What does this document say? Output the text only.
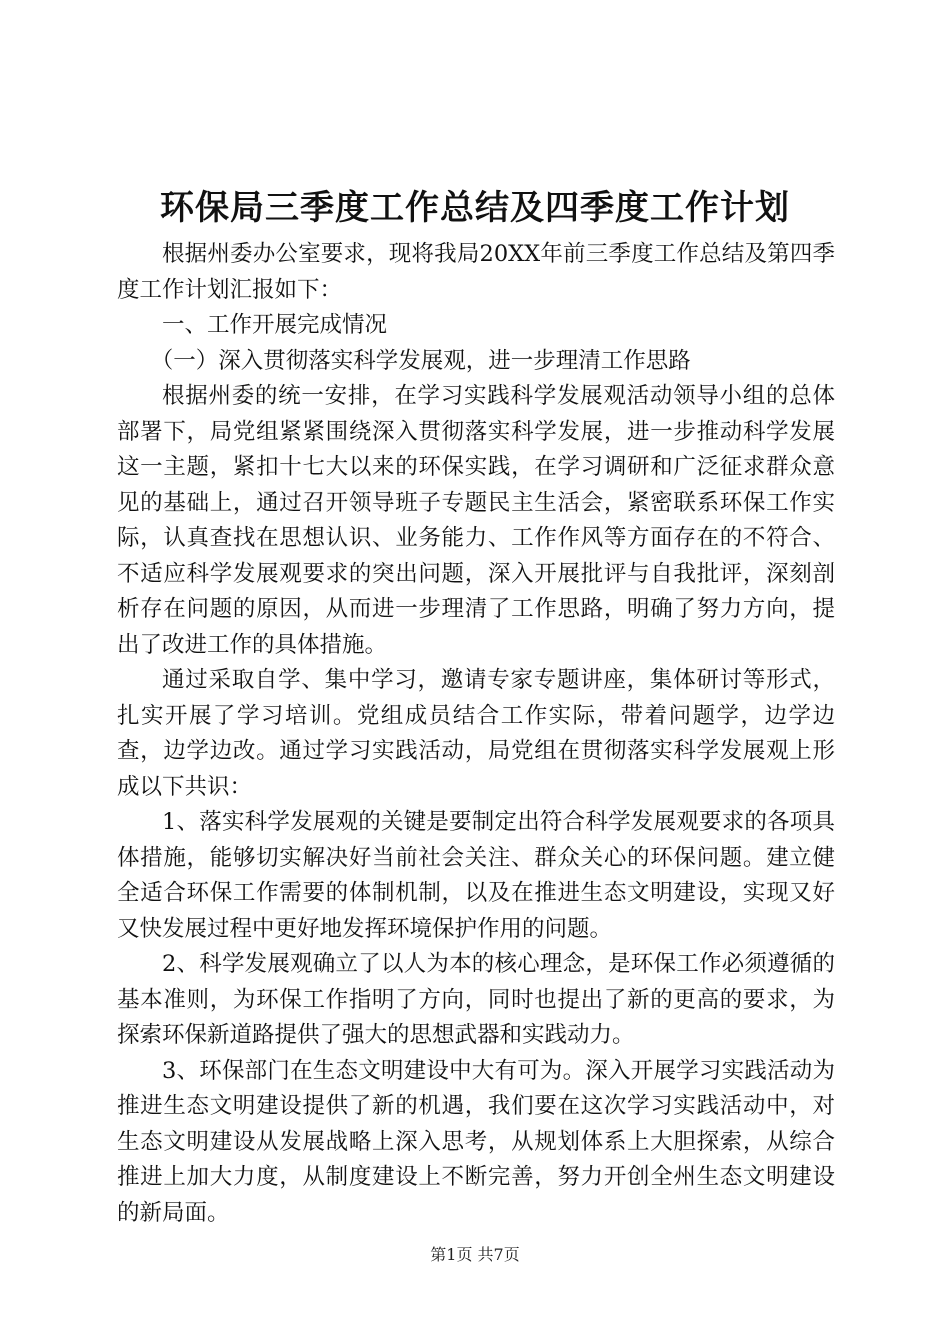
环保局三季度工作总结及四季度工作计划

根据州委办公室要求，现将我局20XX年前三季度工作总结及第四季度工作计划汇报如下：

一、工作开展完成情况

（一）深入贯彻落实科学发展观，进一步理清工作思路

根据州委的统一安排，在学习实践科学发展观活动领导小组的总体部署下，局党组紧紧围绕深入贯彻落实科学发展，进一步推动科学发展这一主题，紧扣十七大以来的环保实践，在学习调研和广泛征求群众意见的基础上，通过召开领导班子专题民主生活会，紧密联系环保工作实际，认真查找在思想认识、业务能力、工作作风等方面存在的不符合、不适应科学发展观要求的突出问题，深入开展批评与自我批评，深刻剖析存在问题的原因，从而进一步理清了工作思路，明确了努力方向，提出了改进工作的具体措施。

通过采取自学、集中学习，邀请专家专题讲座，集体研讨等形式，扎实开展了学习培训。党组成员结合工作实际，带着问题学，边学边查，边学边改。通过学习实践活动，局党组在贯彻落实科学发展观上形成以下共识：

1、落实科学发展观的关键是要制定出符合科学发展观要求的各项具体措施，能够切实解决好当前社会关注、群众关心的环保问题。建立健全适合环保工作需要的体制机制，以及在推进生态文明建设，实现又好又快发展过程中更好地发挥环境保护作用的问题。

2、科学发展观确立了以人为本的核心理念，是环保工作必须遵循的基本准则，为环保工作指明了方向，同时也提出了新的更高的要求，为探索环保新道路提供了强大的思想武器和实践动力。

3、环保部门在生态文明建设中大有可为。深入开展学习实践活动为推进生态文明建设提供了新的机遇，我们要在这次学习实践活动中，对生态文明建设从发展战略上深入思考，从规划体系上大胆探索，从综合推进上加大力度，从制度建设上不断完善，努力开创全州生态文明建设的新局面。

第1页 共7页
